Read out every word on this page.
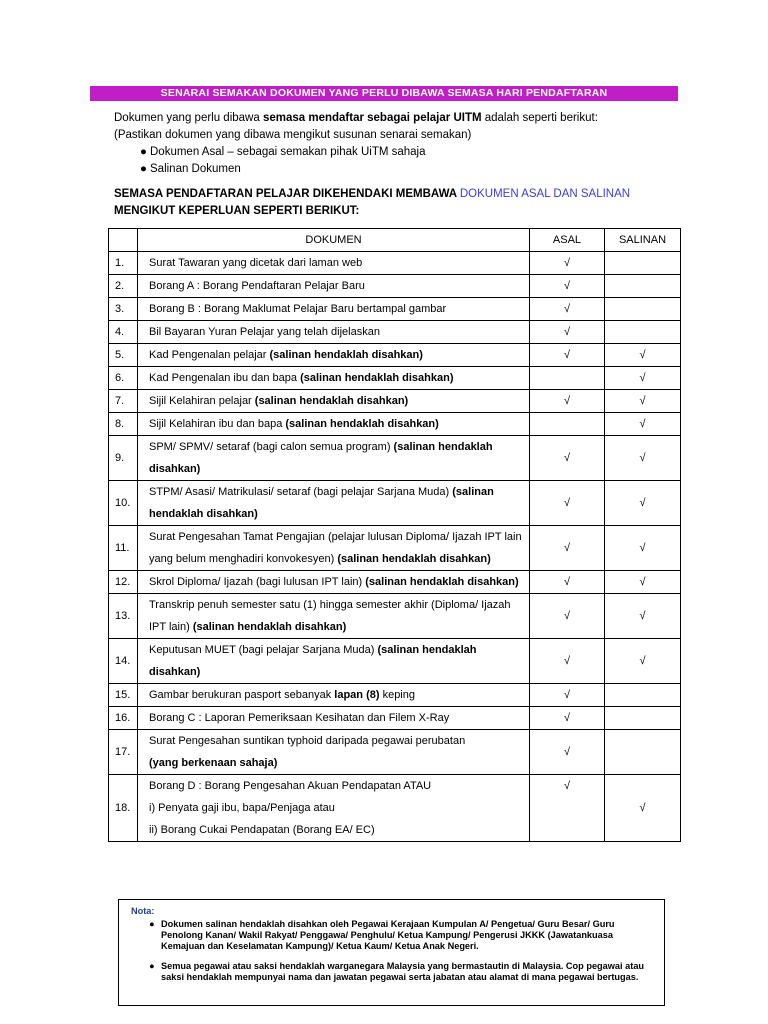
SENARAI SEMAKAN DOKUMEN YANG PERLU DIBAWA SEMASA HARI PENDAFTARAN

Dokumen yang perlu dibawa semasa mendaftar sebagai pelajar UITM adalah seperti berikut:

(Pastikan dokumen yang dibawa mengikut susunan senarai semakan)

● Dokumen Asal – sebagai semakan pihak UiTM sahaja
● Salinan Dokumen
SEMASA PENDAFTARAN PELAJAR DIKEHENDAKI MEMBAWA DOKUMEN ASAL DAN SALINAN MENGIKUT KEPERLUAN SEPERTI BERIKUT:
	DOKUMEN	ASAL	SALINAN
1.	Surat Tawaran yang dicetak dari laman web	√	
2.	Borang A : Borang Pendaftaran Pelajar Baru	√	
3.	Borang B : Borang Maklumat Pelajar Baru bertampal gambar	√	
4.	Bil Bayaran Yuran Pelajar yang telah dijelaskan	√	
5.	Kad Pengenalan pelajar (salinan hendaklah disahkan)	√	√
6.	Kad Pengenalan ibu dan bapa (salinan hendaklah disahkan)		√
7.	Sijil Kelahiran pelajar (salinan hendaklah disahkan)	√	√
8.	Sijil Kelahiran ibu dan bapa (salinan hendaklah disahkan)		√
9.	SPM/ SPMV/ setaraf (bagi calon semua program) (salinan hendaklah disahkan)	√	√
10.	STPM/ Asasi/ Matrikulasi/ setaraf (bagi pelajar Sarjana Muda) (salinan hendaklah disahkan)	√	√
11.	Surat Pengesahan Tamat Pengajian (pelajar lulusan Diploma/ Ijazah IPT lain yang belum menghadiri konvokesyen) (salinan hendaklah disahkan)	√	√
12.	Skrol Diploma/ Ijazah (bagi lulusan IPT lain) (salinan hendaklah disahkan)	√	√
13.	Transkrip penuh semester satu (1) hingga semester akhir (Diploma/ Ijazah IPT lain) (salinan hendaklah disahkan)	√	√
14.	Keputusan MUET (bagi pelajar Sarjana Muda) (salinan hendaklah disahkan)	√	√
15.	Gambar berukuran pasport sebanyak lapan (8) keping	√	
16.	Borang C : Laporan Pemeriksaan Kesihatan dan Filem X-Ray	√	
17.	Surat Pengesahan suntikan typhoid daripada pegawai perubatan
(yang berkenaan sahaja)	√	
18.	Borang D : Borang Pengesahan Akuan Pendapatan ATAU
i) Penyata gaji ibu, bapa/Penjaga atau
ii) Borang Cukai Pendapatan (Borang EA/ EC)	√	√
Nota:
● Dokumen salinan hendaklah disahkan oleh Pegawai Kerajaan Kumpulan A/ Pengetua/ Guru Besar/ Guru Penolong Kanan/ Wakil Rakyat/ Penggawa/ Penghulu/ Ketua Kampung/ Pengerusi JKKK (Jawatankuasa Kemajuan dan Keselamatan Kampung)/ Ketua Kaum/ Ketua Anak Negeri.
● Semua pegawai atau saksi hendaklah warganegara Malaysia yang bermastautin di Malaysia. Cop pegawai atau saksi hendaklah mempunyai nama dan jawatan pegawai serta jabatan atau alamat di mana pegawai bertugas.
